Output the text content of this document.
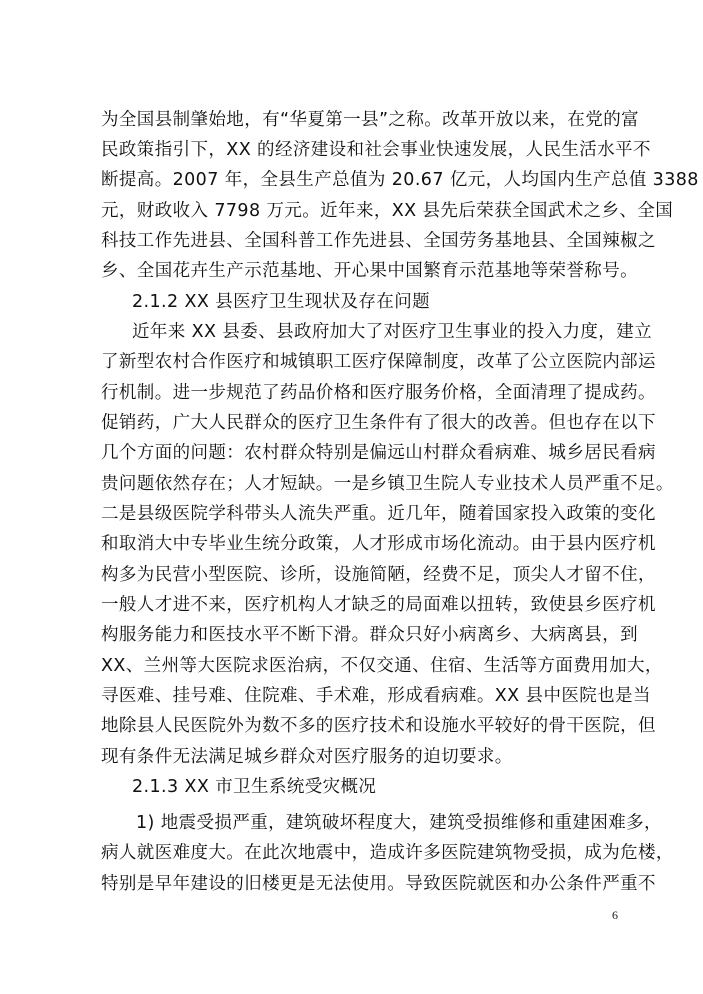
为全国县制肇始地，有“华夏第一县”之称。改革开放以来，在党的富
民政策指引下，XX 的经济建设和社会事业快速发展，人民生活水平不
断提高。2007 年，全县生产总值为 20.67 亿元，人均国内生产总值 3388
元，财政收入 7798 万元。近年来，XX 县先后荣获全国武术之乡、全国
科技工作先进县、全国科普工作先进县、全国劳务基地县、全国辣椒之
乡、全国花卉生产示范基地、开心果中国繁育示范基地等荣誉称号。
2.1.2 XX 县医疗卫生现状及存在问题
近年来 XX 县委、县政府加大了对医疗卫生事业的投入力度，建立
了新型农村合作医疗和城镇职工医疗保障制度，改革了公立医院内部运
行机制。进一步规范了药品价格和医疗服务价格，全面清理了提成药。
促销药，广大人民群众的医疗卫生条件有了很大的改善。但也存在以下
几个方面的问题：农村群众特别是偏远山村群众看病难、城乡居民看病
贵问题依然存在；人才短缺。一是乡镇卫生院人专业技术人员严重不足。
二是县级医院学科带头人流失严重。近几年，随着国家投入政策的变化
和取消大中专毕业生统分政策，人才形成市场化流动。由于县内医疗机
构多为民营小型医院、诊所，设施简陋，经费不足，顶尖人才留不住，
一般人才进不来，医疗机构人才缺乏的局面难以扭转，致使县乡医疗机
构服务能力和医技水平不断下滑。群众只好小病离乡、大病离县，到
XX、兰州等大医院求医治病，不仅交通、住宿、生活等方面费用加大，
寻医难、挂号难、住院难、手术难，形成看病难。XX 县中医院也是当
地除县人民医院外为数不多的医疗技术和设施水平较好的骨干医院，但
现有条件无法满足城乡群众对医疗服务的迫切要求。
2.1.3 XX 市卫生系统受灾概况
1) 地震受损严重，建筑破坏程度大，建筑受损维修和重建困难多，
病人就医难度大。在此次地震中，造成许多医院建筑物受损，成为危楼，
特别是早年建设的旧楼更是无法使用。导致医院就医和办公条件严重不
6
